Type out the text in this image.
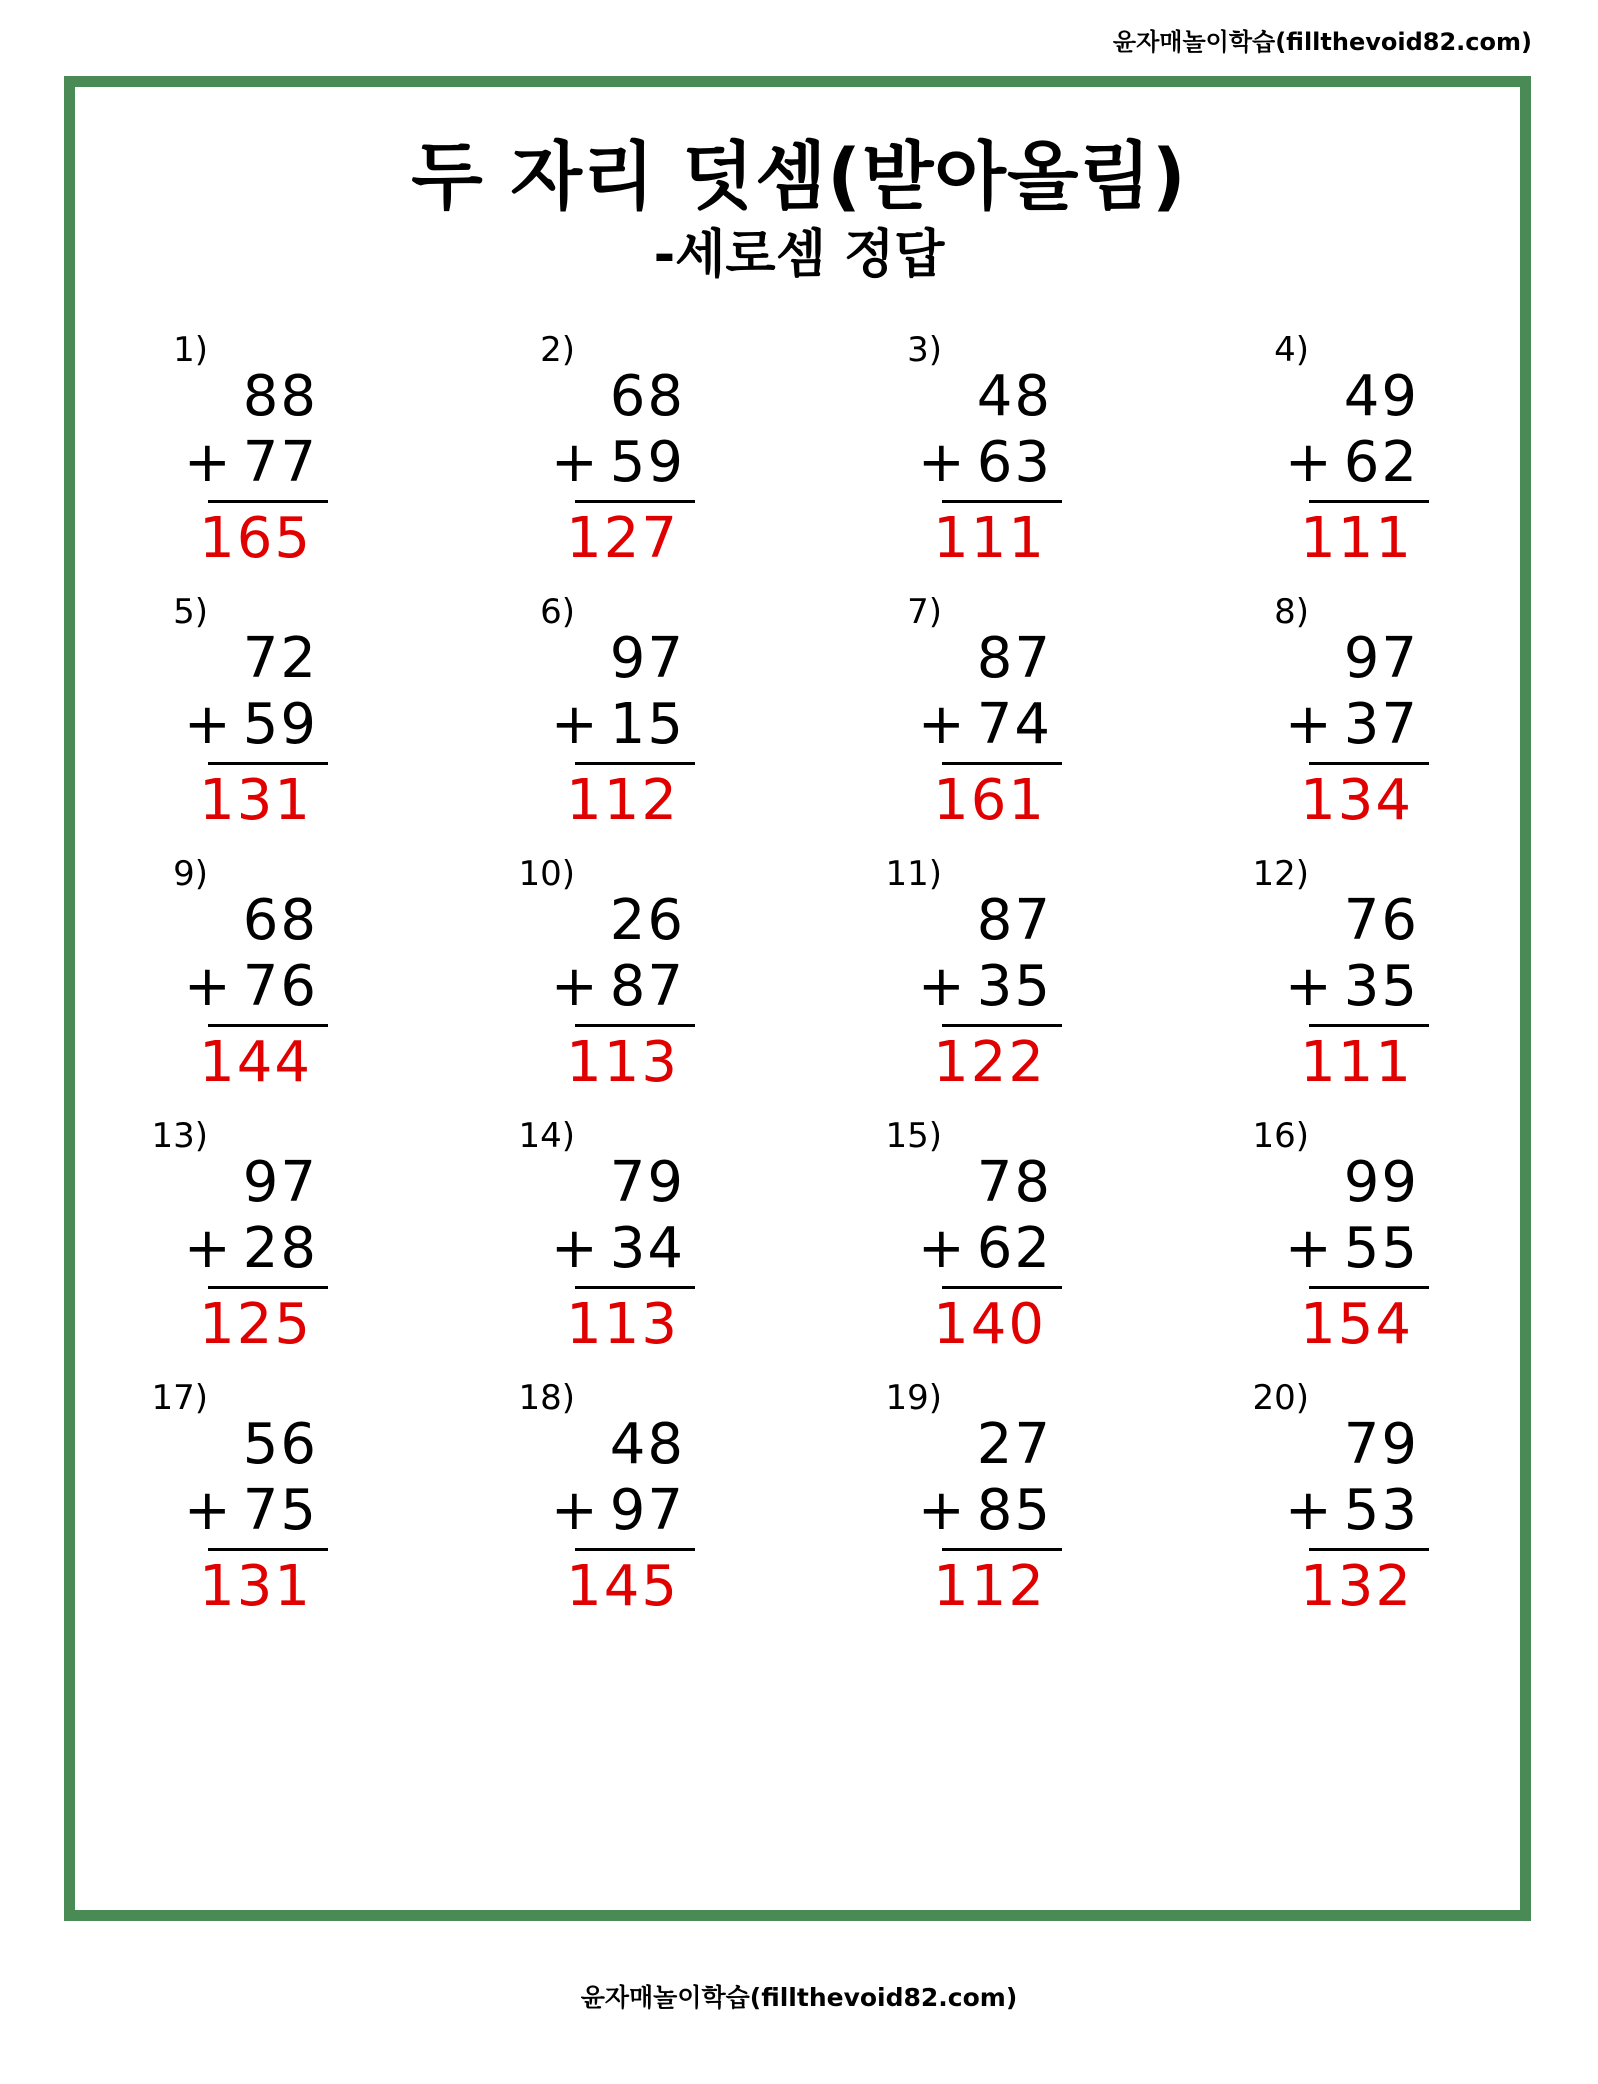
윤자매놀이학습(fillthevoid82.com)
두 자리 덧셈(받아올림)
-세로셈 정답
1)
88
+ 77
165
2)
68
+ 59
127
3)
48
+ 63
111
4)
49
+ 62
111
5)
72
+ 59
131
6)
97
+ 15
112
7)
87
+ 74
161
8)
97
+ 37
134
9)
68
+ 76
144
10)
26
+ 87
113
11)
87
+ 35
122
12)
76
+ 35
111
13)
97
+ 28
125
14)
79
+ 34
113
15)
78
+ 62
140
16)
99
+ 55
154
17)
56
+ 75
131
18)
48
+ 97
145
19)
27
+ 85
112
20)
79
+ 53
132
윤자매놀이학습(fillthevoid82.com)
